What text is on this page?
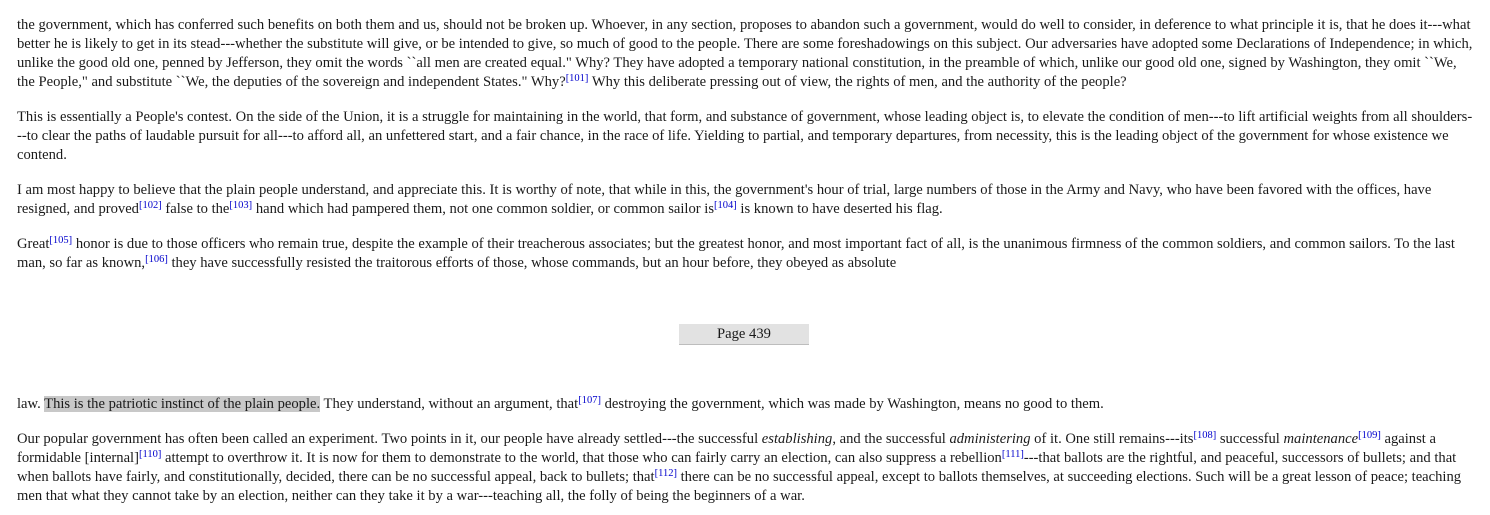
the government, which has conferred such benefits on both them and us, should not be broken up. Whoever, in any section, proposes to abandon such a government, would do well to consider, in deference to what principle it is, that he does it---what better he is likely to get in its stead---whether the substitute will give, or be intended to give, so much of good to the people. There are some foreshadowings on this subject. Our adversaries have adopted some Declarations of Independence; in which, unlike the good old one, penned by Jefferson, they omit the words ``all men are created equal." Why? They have adopted a temporary national constitution, in the preamble of which, unlike our good old one, signed by Washington, they omit ``We, the People," and substitute ``We, the deputies of the sovereign and independent States." Why?[101] Why this deliberate pressing out of view, the rights of men, and the authority of the people?

This is essentially a People's contest. On the side of the Union, it is a struggle for maintaining in the world, that form, and substance of government, whose leading object is, to elevate the condition of men---to lift artificial weights from all shoulders---to clear the paths of laudable pursuit for all---to afford all, an unfettered start, and a fair chance, in the race of life. Yielding to partial, and temporary departures, from necessity, this is the leading object of the government for whose existence we contend.

I am most happy to believe that the plain people understand, and appreciate this. It is worthy of note, that while in this, the government's hour of trial, large numbers of those in the Army and Navy, who have been favored with the offices, have resigned, and proved[102] false to the[103] hand which had pampered them, not one common soldier, or common sailor is[104] is known to have deserted his flag.

Great[105] honor is due to those officers who remain true, despite the example of their treacherous associates; but the greatest honor, and most important fact of all, is the unanimous firmness of the common soldiers, and common sailors. To the last man, so far as known,[106] they have successfully resisted the traitorous efforts of those, whose commands, but an hour before, they obeyed as absolute

Page 439

law. This is the patriotic instinct of the plain people. They understand, without an argument, that[107] destroying the government, which was made by Washington, means no good to them.

Our popular government has often been called an experiment. Two points in it, our people have already settled---the successful establishing, and the successful administering of it. One still remains---its[108] successful maintenance[109] against a formidable [internal][110] attempt to overthrow it. It is now for them to demonstrate to the world, that those who can fairly carry an election, can also suppress a rebellion[111]---that ballots are the rightful, and peaceful, successors of bullets; and that when ballots have fairly, and constitutionally, decided, there can be no successful appeal, back to bullets; that[112] there can be no successful appeal, except to ballots themselves, at succeeding elections. Such will be a great lesson of peace; teaching men that what they cannot take by an election, neither can they take it by a war---teaching all, the folly of being the beginners of a war.
